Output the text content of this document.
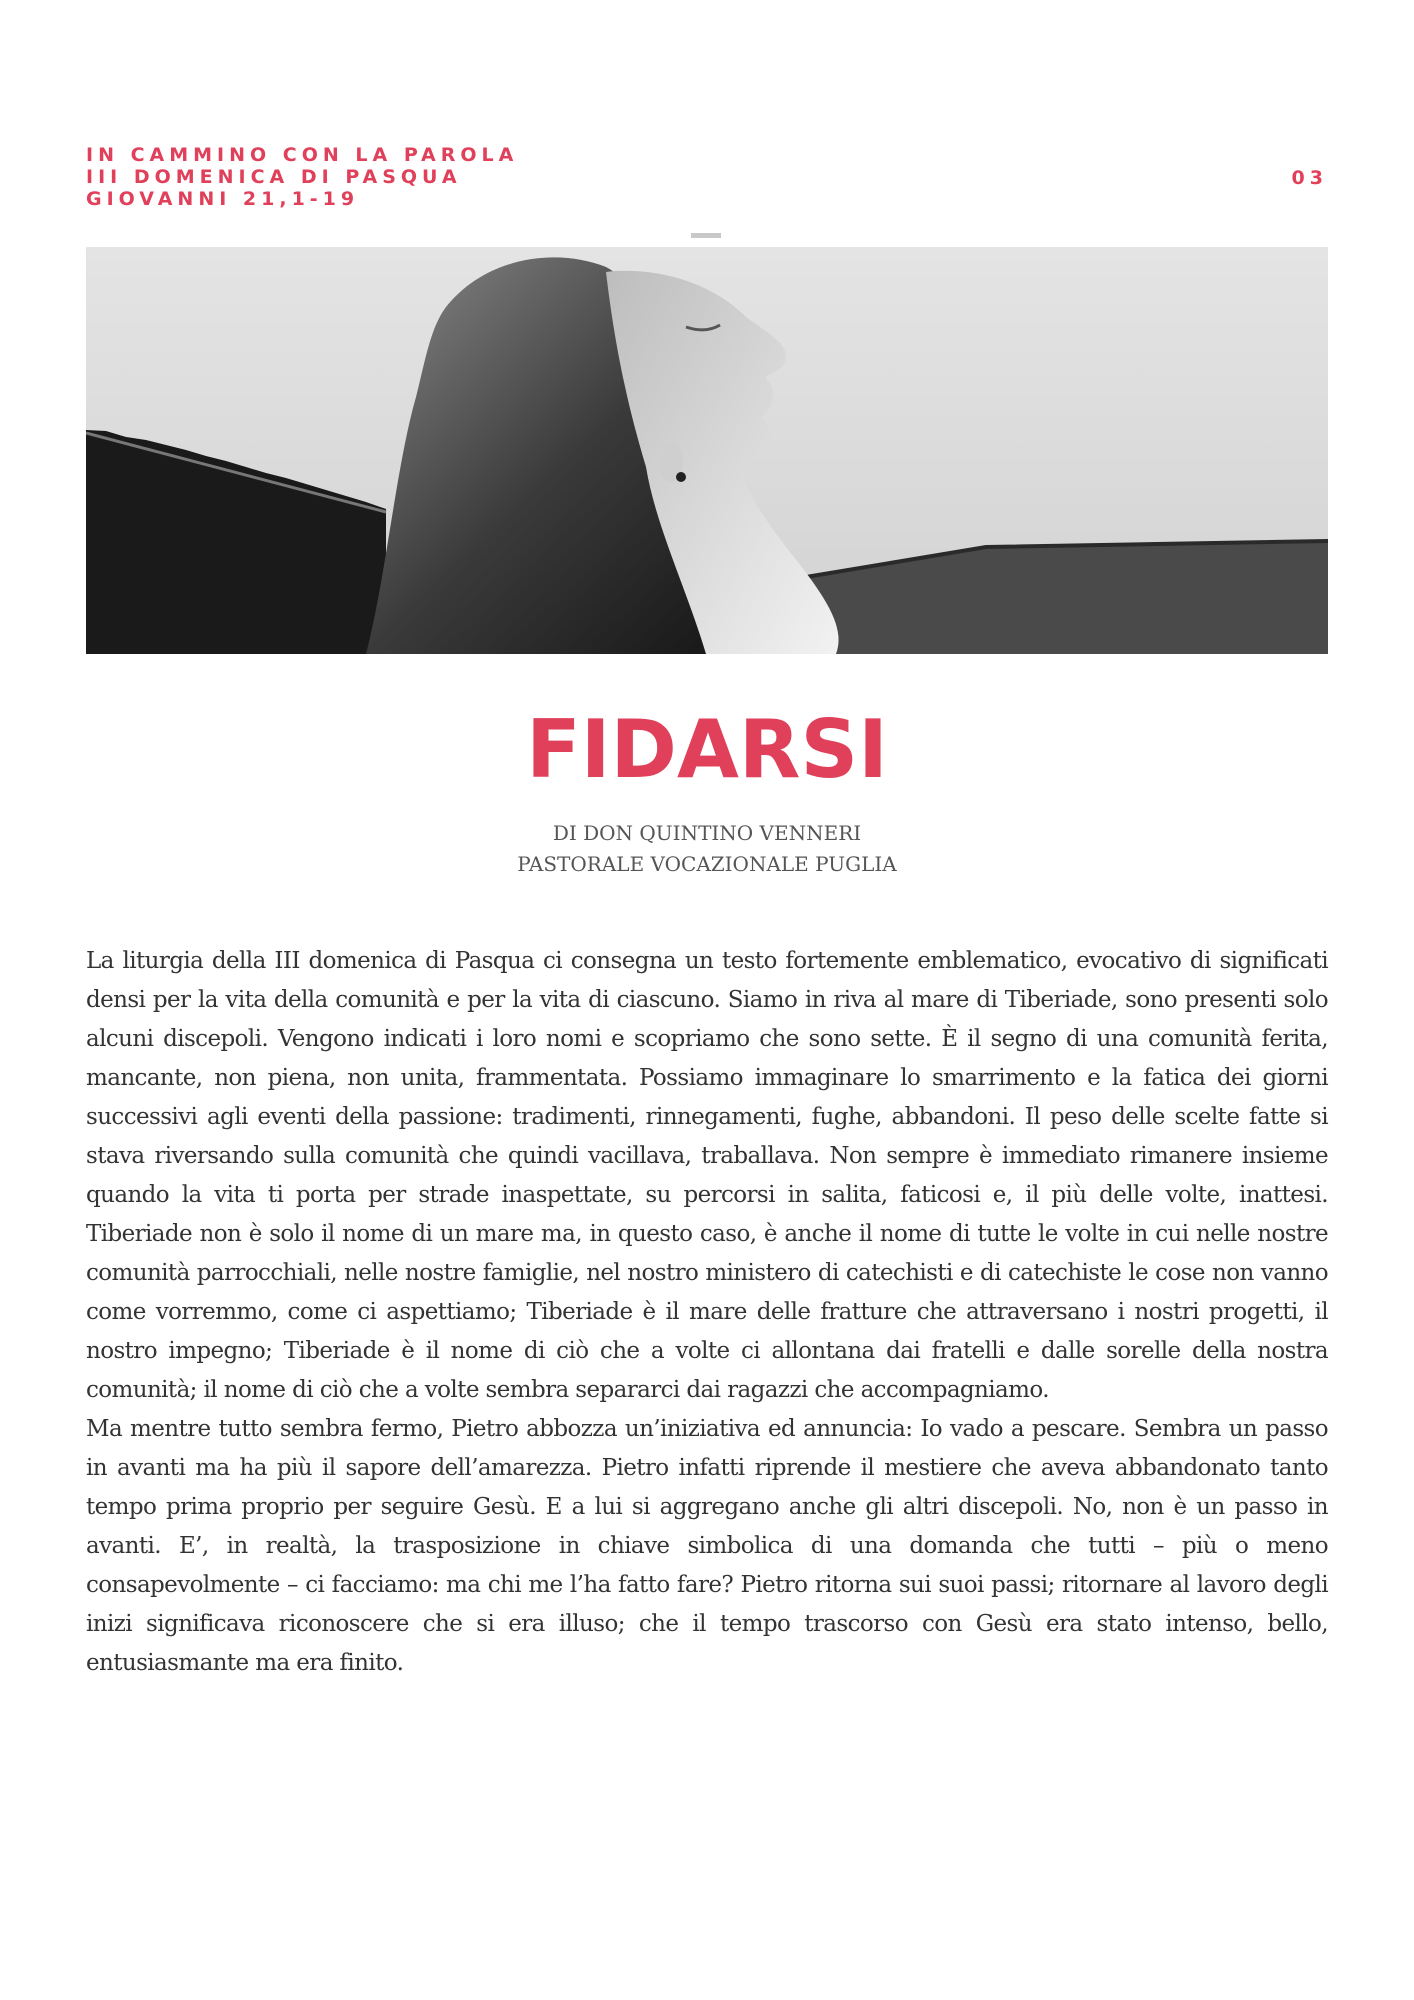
IN CAMMINO CON LA PAROLA
III DOMENICA DI PASQUA
GIOVANNI 21,1-19
03
FIDARSI
DI DON QUINTINO VENNERI
PASTORALE VOCAZIONALE PUGLIA

La liturgia della III domenica di Pasqua ci consegna un testo fortemente emblematico, evocativo di significati densi per la vita della comunità e per la vita di ciascuno. Siamo in riva al mare di Tiberiade, sono presenti solo alcuni discepoli. Vengono indicati i loro nomi e scopriamo che sono sette. È il segno di una comunità ferita, mancante, non piena, non unita, frammentata. Possiamo immaginare lo smarrimento e la fatica dei giorni successivi agli eventi della passione: tradimenti, rinnegamenti, fughe, abbandoni. Il peso delle scelte fatte si stava riversando sulla comunità che quindi vacillava, traballava. Non sempre è immediato rimanere insieme quando la vita ti porta per strade inaspettate, su percorsi in salita, faticosi e, il più delle volte, inattesi. Tiberiade non è solo il nome di un mare ma, in questo caso, è anche il nome di tutte le volte in cui nelle nostre comunità parrocchiali, nelle nostre famiglie, nel nostro ministero di catechisti e di catechiste le cose non vanno come vorremmo, come ci aspettiamo; Tiberiade è il mare delle fratture che attraversano i nostri progetti, il nostro impegno; Tiberiade è il nome di ciò che a volte ci allontana dai fratelli e dalle sorelle della nostra comunità; il nome di ciò che a volte sembra separarci dai ragazzi che accompagniamo.

Ma mentre tutto sembra fermo, Pietro abbozza un’iniziativa ed annuncia: Io vado a pescare. Sembra un passo in avanti ma ha più il sapore dell’amarezza. Pietro infatti riprende il mestiere che aveva abbandonato tanto tempo prima proprio per seguire Gesù. E a lui si aggregano anche gli altri discepoli. No, non è un passo in avanti. E’, in realtà, la trasposizione in chiave simbolica di una domanda che tutti – più o meno consapevolmente – ci facciamo: ma chi me l’ha fatto fare? Pietro ritorna sui suoi passi; ritornare al lavoro degli inizi significava riconoscere che si era illuso; che il tempo trascorso con Gesù era stato intenso, bello, entusiasmante ma era finito.
